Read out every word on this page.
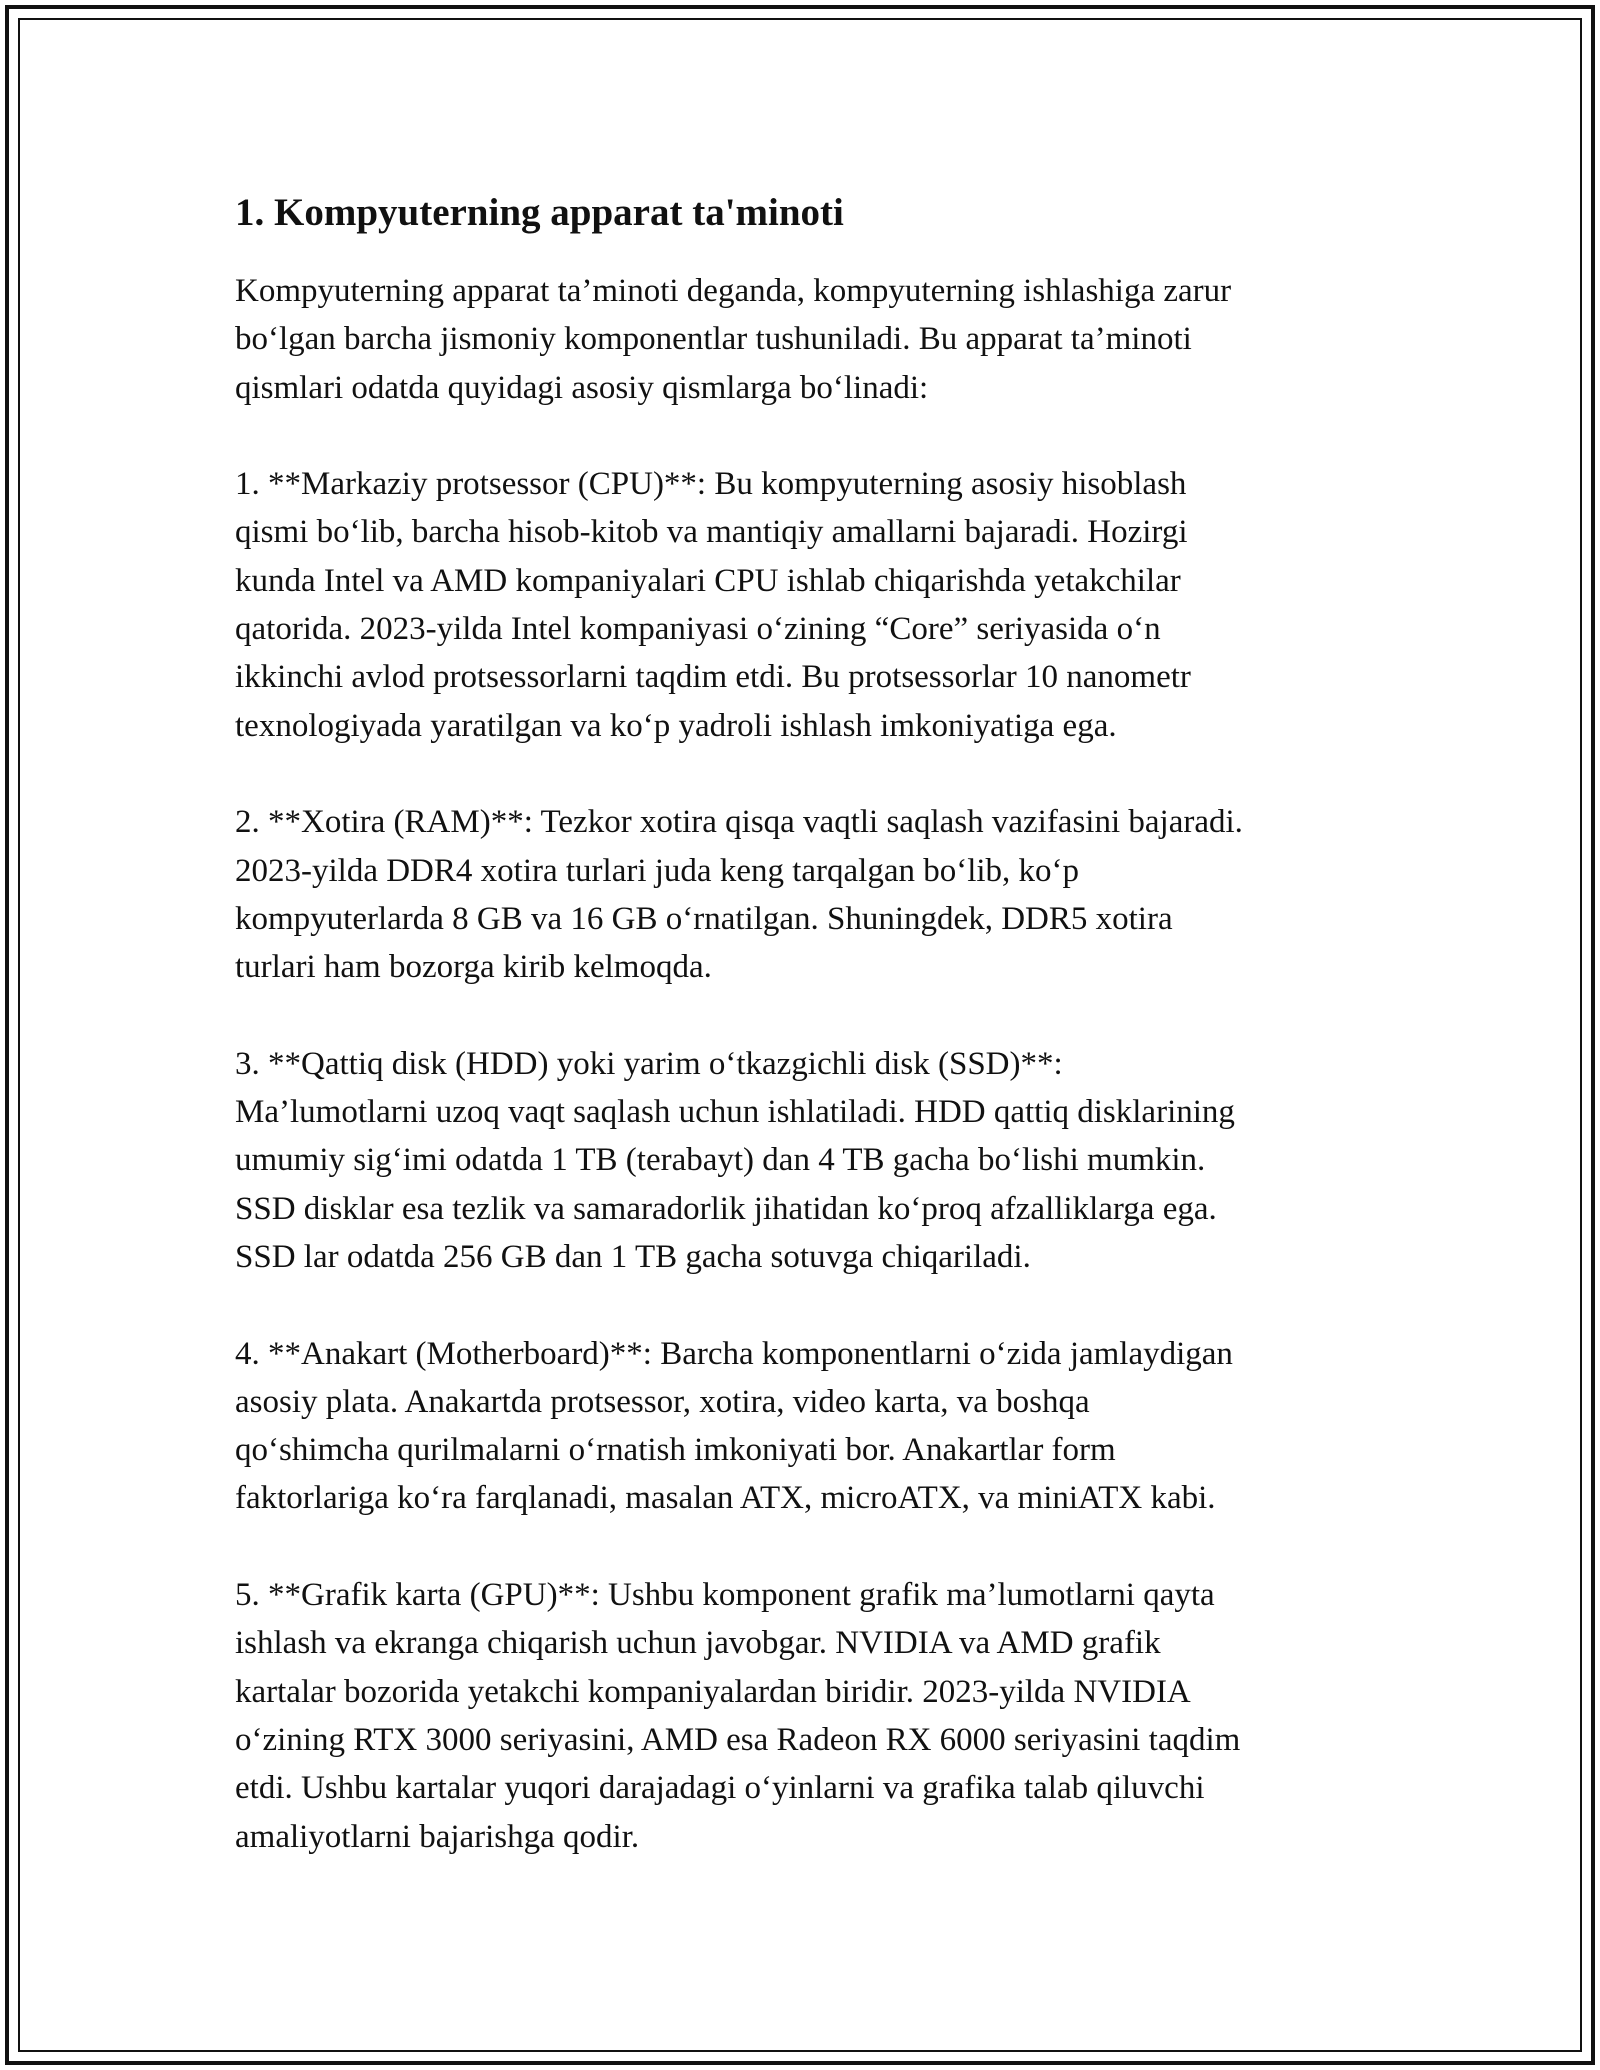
1. Kompyuterning apparat ta'minoti

Kompyuterning apparat ta’minoti deganda, kompyuterning ishlashiga zarur
bo‘lgan barcha jismoniy komponentlar tushuniladi. Bu apparat ta’minoti
qismlari odatda quyidagi asosiy qismlarga bo‘linadi:

1. **Markaziy protsessor (CPU)**: Bu kompyuterning asosiy hisoblash
qismi bo‘lib, barcha hisob-kitob va mantiqiy amallarni bajaradi. Hozirgi
kunda Intel va AMD kompaniyalari CPU ishlab chiqarishda yetakchilar
qatorida. 2023-yilda Intel kompaniyasi o‘zining “Core” seriyasida o‘n
ikkinchi avlod protsessorlarni taqdim etdi. Bu protsessorlar 10 nanometr
texnologiyada yaratilgan va ko‘p yadroli ishlash imkoniyatiga ega.

2. **Xotira (RAM)**: Tezkor xotira qisqa vaqtli saqlash vazifasini bajaradi.
2023-yilda DDR4 xotira turlari juda keng tarqalgan bo‘lib, ko‘p
kompyuterlarda 8 GB va 16 GB o‘rnatilgan. Shuningdek, DDR5 xotira
turlari ham bozorga kirib kelmoqda.

3. **Qattiq disk (HDD) yoki yarim o‘tkazgichli disk (SSD)**:
Ma’lumotlarni uzoq vaqt saqlash uchun ishlatiladi. HDD qattiq disklarining
umumiy sig‘imi odatda 1 TB (terabayt) dan 4 TB gacha bo‘lishi mumkin.
SSD disklar esa tezlik va samaradorlik jihatidan ko‘proq afzalliklarga ega.
SSD lar odatda 256 GB dan 1 TB gacha sotuvga chiqariladi.

4. **Anakart (Motherboard)**: Barcha komponentlarni o‘zida jamlaydigan
asosiy plata. Anakartda protsessor, xotira, video karta, va boshqa
qo‘shimcha qurilmalarni o‘rnatish imkoniyati bor. Anakartlar form
faktorlariga ko‘ra farqlanadi, masalan ATX, microATX, va miniATX kabi.

5. **Grafik karta (GPU)**: Ushbu komponent grafik ma’lumotlarni qayta
ishlash va ekranga chiqarish uchun javobgar. NVIDIA va AMD grafik
kartalar bozorida yetakchi kompaniyalardan biridir. 2023-yilda NVIDIA
o‘zining RTX 3000 seriyasini, AMD esa Radeon RX 6000 seriyasini taqdim
etdi. Ushbu kartalar yuqori darajadagi o‘yinlarni va grafika talab qiluvchi
amaliyotlarni bajarishga qodir.
